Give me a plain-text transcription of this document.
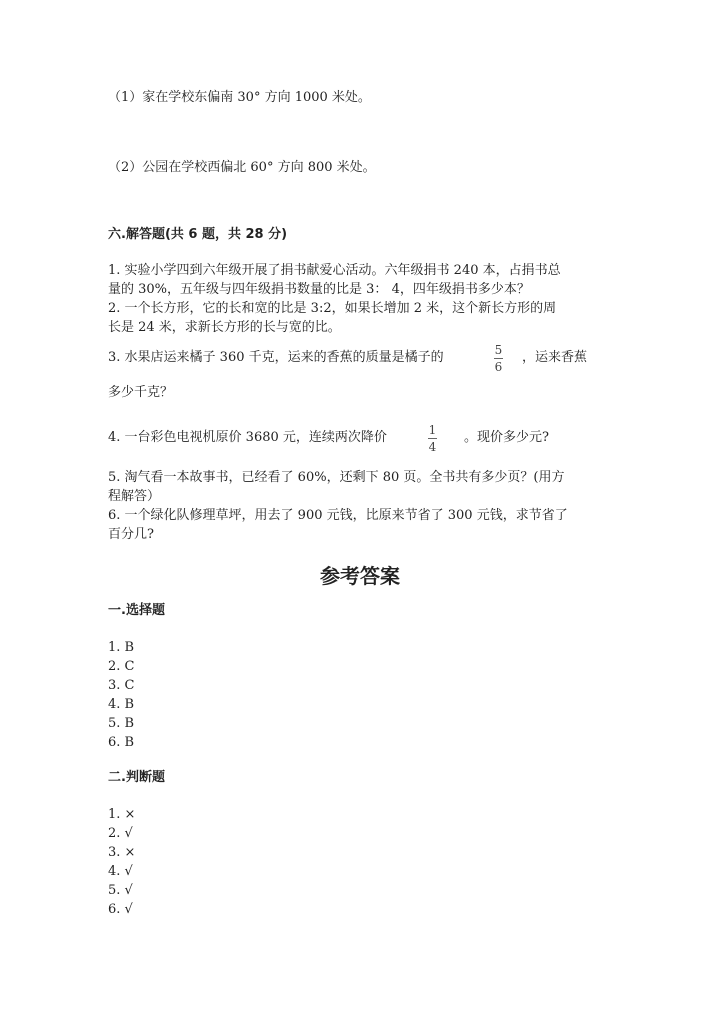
（1）家在学校东偏南 30° 方向 1000 米处。
（2）公园在学校西偏北 60° 方向 800 米处。
六.解答题(共 6 题，共 28 分)
1. 实验小学四到六年级开展了捐书献爱心活动。六年级捐书 240 本，占捐书总
量的 30%，五年级与四年级捐书数量的比是 3： 4，四年级捐书多少本？
2. 一个长方形，它的长和宽的比是 3:2，如果长增加 2 米，这个新长方形的周
长是 24 米，求新长方形的长与宽的比。
3. 水果店运来橘子 360 千克，运来的香蕉的质量是橘子的	5
6
，运来香蕉
多少千克？
4. 一台彩色电视机原价 3680 元，连续两次降价	1
4
。现价多少元?
5. 淘气看一本故事书，已经看了 60%，还剩下 80 页。全书共有多少页？(用方
程解答）
6. 一个绿化队修理草坪，用去了 900 元钱，比原来节省了 300 元钱，求节省了
百分几?
参考答案
一.选择题
1. B
2. C
3. C
4. B
5. B
6. B
二.判断题
1. ×
2. √
3. ×
4. √
5. √
6. √
